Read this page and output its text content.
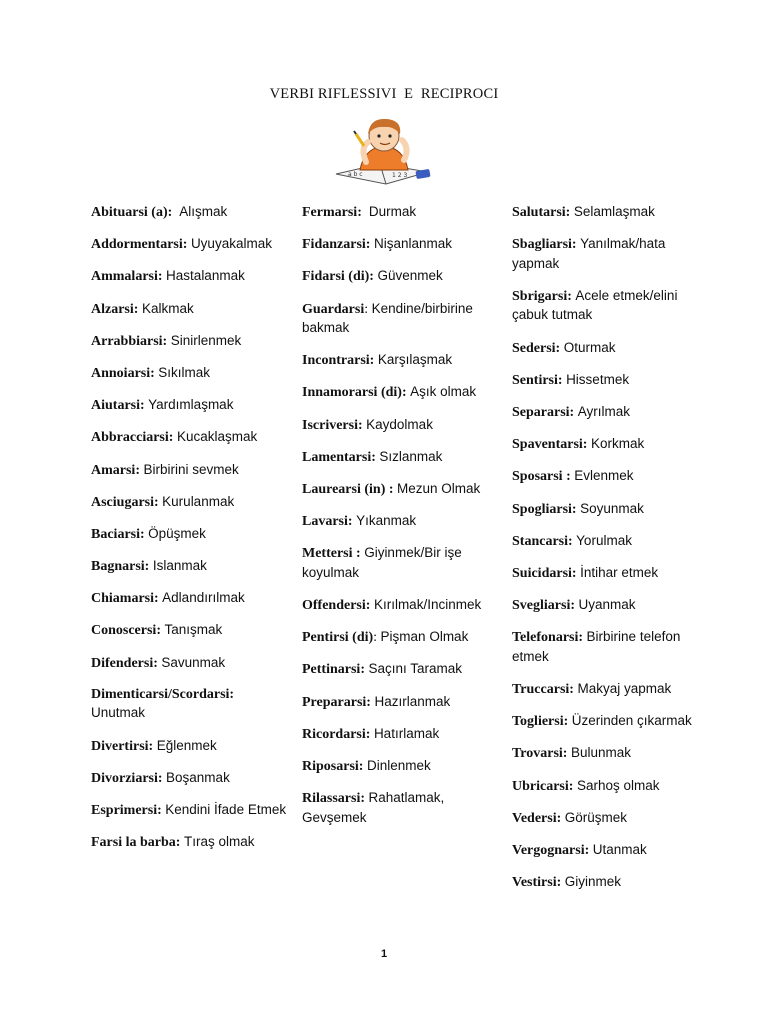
VERBI RIFLESSIVI  E  RECIPROCI
a b c	1 2 3
Abituarsi (a): Alışmak
Addormentarsi: Uyuyakalmak
Ammalarsi: Hastalanmak
Alzarsi: Kalkmak
Arrabbiarsi: Sinirlenmek
Annoiarsi: Sıkılmak
Aiutarsi: Yardımlaşmak
Abbracciarsi: Kucaklaşmak
Amarsi: Birbirini sevmek
Asciugarsi: Kurulanmak
Baciarsi: Öpüşmek
Bagnarsi: Islanmak
Chiamarsi: Adlandırılmak
Conoscersi: Tanışmak
Difendersi: Savunmak
Dimenticarsi/Scordarsi: Unutmak
Divertirsi: Eğlenmek
Divorziarsi: Boşanmak
Esprimersi: Kendini İfade Etmek
Farsi la barba: Tıraş olmak
Fermarsi: Durmak
Fidanzarsi: Nişanlanmak
Fidarsi (di): Güvenmek
Guardarsi: Kendine/birbirine bakmak
Incontrarsi: Karşılaşmak
Innamorarsi (di): Aşık olmak
Iscriversi: Kaydolmak
Lamentarsi: Sızlanmak
Laurearsi (in) : Mezun Olmak
Lavarsi: Yıkanmak
Mettersi : Giyinmek/Bir işe koyulmak
Offendersi: Kırılmak/Incinmek
Pentirsi (di): Pişman Olmak
Pettinarsi: Saçını Taramak
Prepararsi: Hazırlanmak
Ricordarsi: Hatırlamak
Riposarsi: Dinlenmek
Rilassarsi: Rahatlamak, Gevşemek
Salutarsi: Selamlaşmak
Sbagliarsi: Yanılmak/hata yapmak
Sbrigarsi: Acele etmek/elini çabuk tutmak
Sedersi: Oturmak
Sentirsi: Hissetmek
Separarsi: Ayrılmak
Spaventarsi: Korkmak
Sposarsi : Evlenmek
Spogliarsi: Soyunmak
Stancarsi: Yorulmak
Suicidarsi: İntihar etmek
Svegliarsi: Uyanmak
Telefonarsi: Birbirine telefon etmek
Truccarsi: Makyaj yapmak
Togliersi: Üzerinden çıkarmak
Trovarsi: Bulunmak
Ubricarsi: Sarhoş olmak
Vedersi: Görüşmek
Vergognarsi: Utanmak
Vestirsi: Giyinmek
1
